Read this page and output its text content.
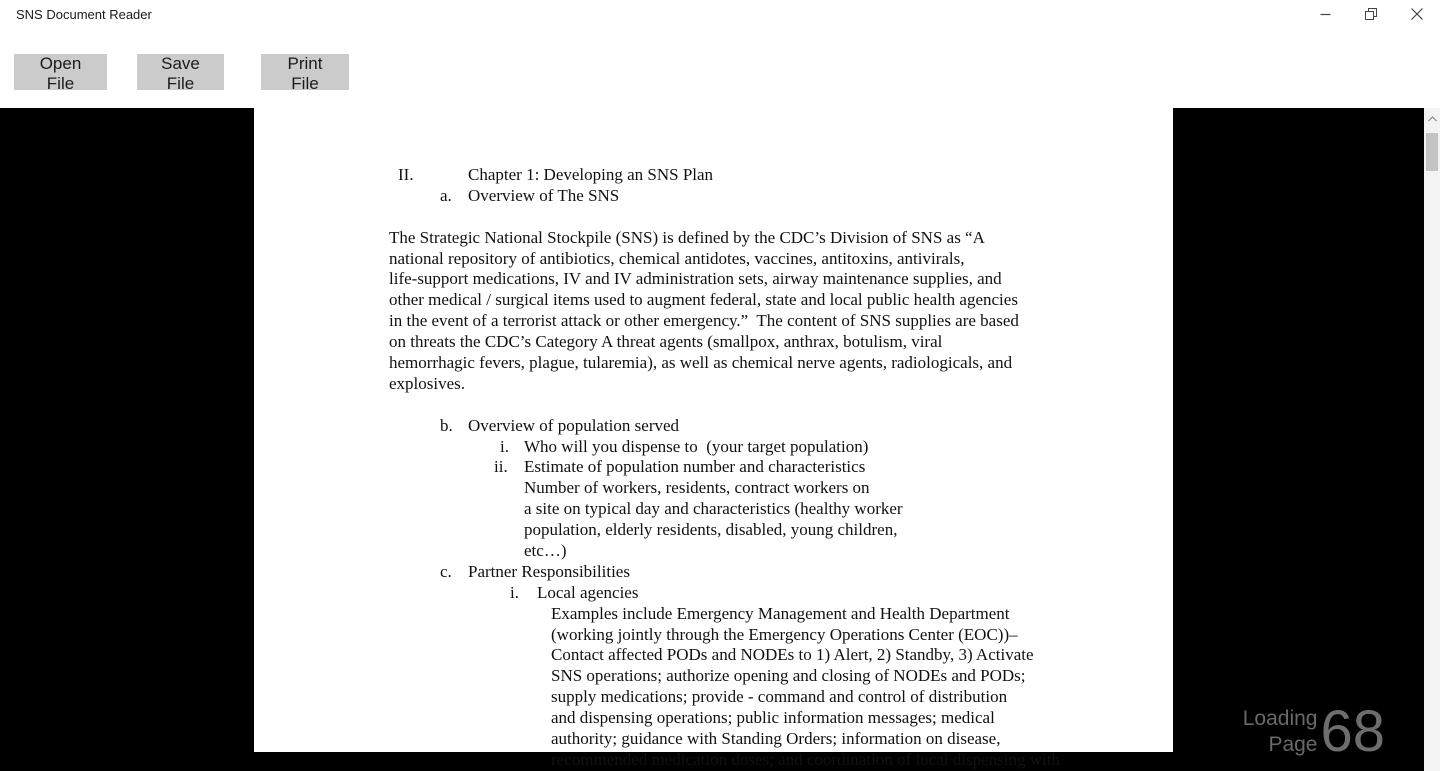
SNS Document Reader
Open File
Save File
Print File
II.	Chapter 1: Developing an SNS Plan
a. Overview of The SNS
The Strategic National Stockpile (SNS) is defined by the CDC’s Division of SNS as “A
national repository of antibiotics, chemical antidotes, vaccines, antitoxins, antivirals,
life-support medications, IV and IV administration sets, airway maintenance supplies, and
other medical / surgical items used to augment federal, state and local public health agencies
in the event of a terrorist attack or other emergency.”  The content of SNS supplies are based
on threats the CDC’s Category A threat agents (smallpox, anthrax, botulism, viral
hemorrhagic fevers, plague, tularemia), as well as chemical nerve agents, radiologicals, and
explosives.
b. Overview of population served
i. Who will you dispense to  (your target population)
ii. Estimate of population number and characteristics
Number of workers, residents, contract workers on
a site on typical day and characteristics (healthy worker
population, elderly residents, disabled, young children,
etc…)
c. Partner Responsibilities
i. Local agencies
Examples include Emergency Management and Health Department
(working jointly through the Emergency Operations Center (EOC))–
Contact affected PODs and NODEs to 1) Alert, 2) Standby, 3) Activate
SNS operations; authorize opening and closing of NODEs and PODs;
supply medications; provide - command and control of distribution
and dispensing operations; public information messages; medical
authority; guidance with Standing Orders; information on disease,
recommended medication doses; and coordination of local dispensing with
Loading
Page 68
